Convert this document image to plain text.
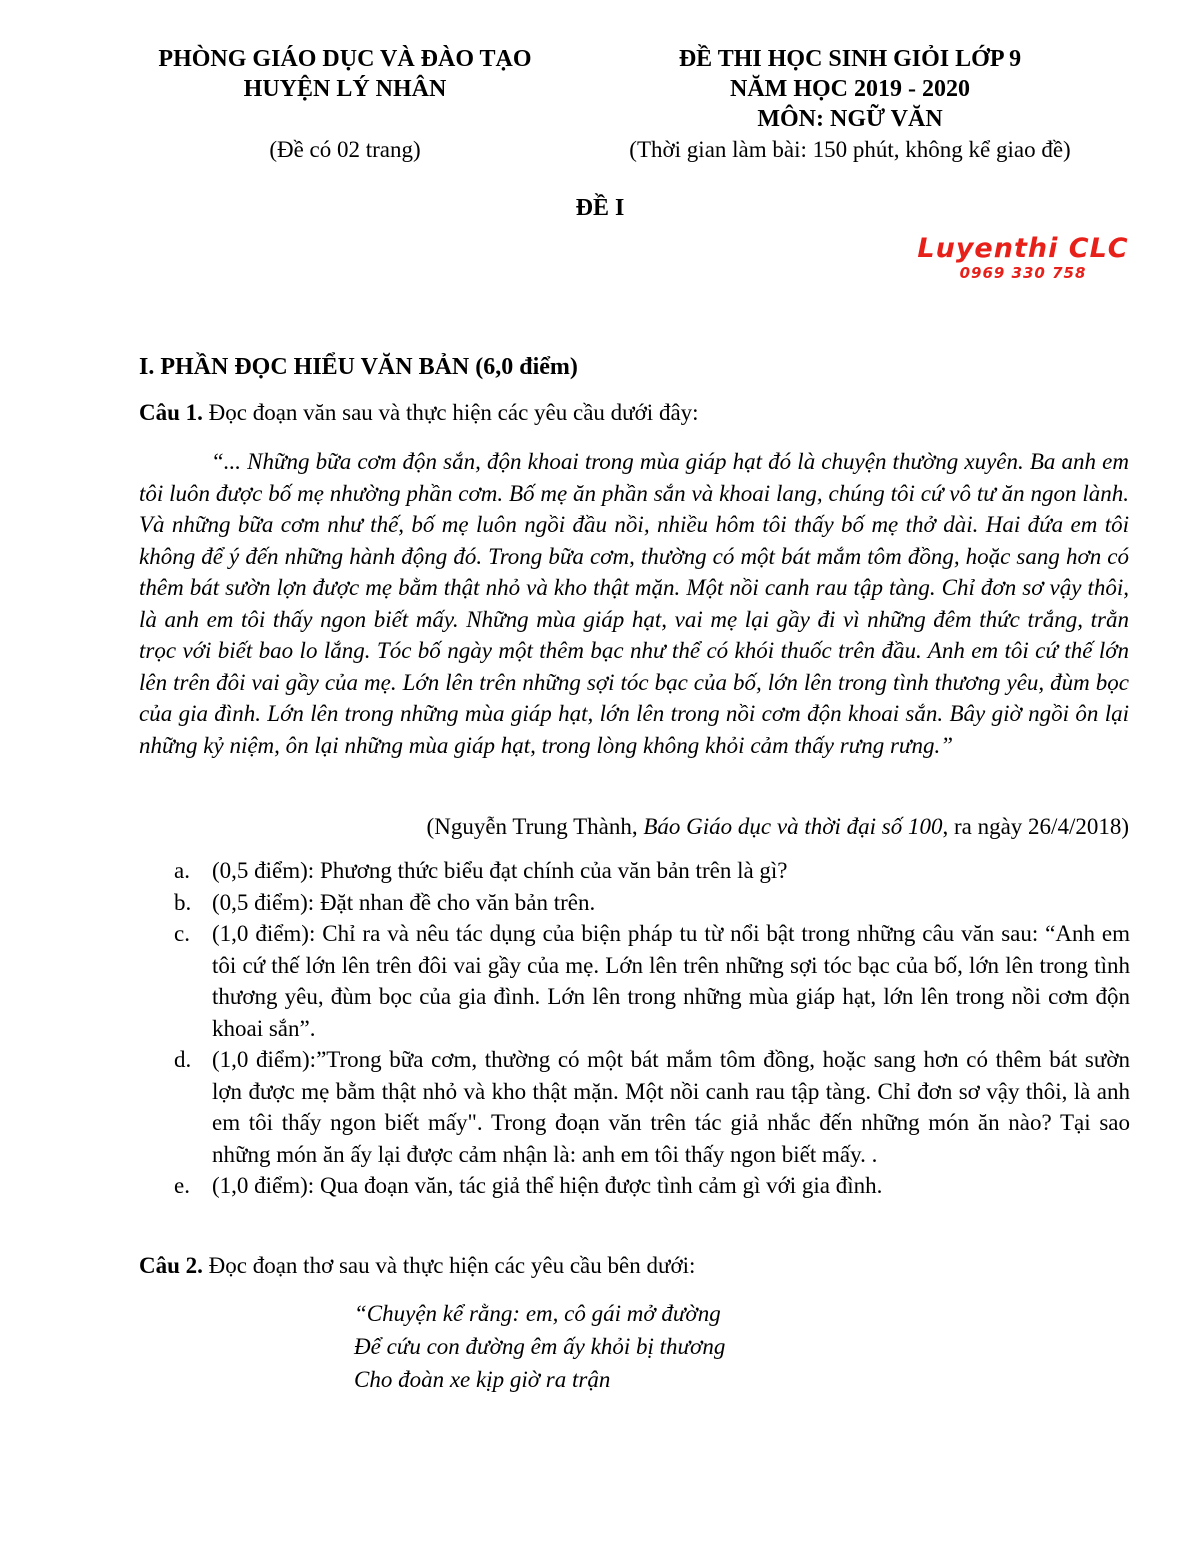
PHÒNG GIÁO DỤC VÀ ĐÀO TẠO
HUYỆN LÝ NHÂN
(Đề có 02 trang)
ĐỀ THI HỌC SINH GIỎI LỚP 9
NĂM HỌC 2019 - 2020
MÔN: NGỮ VĂN
(Thời gian làm bài: 150 phút, không kể giao đề)
ĐỀ I
Luyenthi CLC
0969 330 758
I. PHẦN ĐỌC HIỂU VĂN BẢN (6,0 điểm)
Câu 1. Đọc đoạn văn sau và thực hiện các yêu cầu dưới đây:
“... Những bữa cơm độn sắn, độn khoai trong mùa giáp hạt đó là chuyện thường xuyên. Ba anh em tôi luôn được bố mẹ nhường phần cơm. Bố mẹ ăn phần sắn và khoai lang, chúng tôi cứ vô tư ăn ngon lành. Và những bữa cơm như thế, bố mẹ luôn ngồi đầu nồi, nhiều hôm tôi thấy bố mẹ thở dài. Hai đứa em tôi không để ý đến những hành động đó. Trong bữa cơm, thường có một bát mắm tôm đồng, hoặc sang hơn có thêm bát sườn lợn được mẹ bằm thật nhỏ và kho thật mặn. Một nồi canh rau tập tàng. Chỉ đơn sơ vậy thôi, là anh em tôi thấy ngon biết mấy. Những mùa giáp hạt, vai mẹ lại gầy đi vì những đêm thức trắng, trằn trọc với biết bao lo lắng. Tóc bố ngày một thêm bạc như thể có khói thuốc trên đầu. Anh em tôi cứ thế lớn lên trên đôi vai gầy của mẹ. Lớn lên trên những sợi tóc bạc của bố, lớn lên trong tình thương yêu, đùm bọc của gia đình. Lớn lên trong những mùa giáp hạt, lớn lên trong nồi cơm độn khoai sắn. Bây giờ ngồi ôn lại những kỷ niệm, ôn lại những mùa giáp hạt, trong lòng không khỏi cảm thấy rưng rưng.”
(Nguyễn Trung Thành, Báo Giáo dục và thời đại số 100, ra ngày 26/4/2018)
a. (0,5 điểm): Phương thức biểu đạt chính của văn bản trên là gì?
b. (0,5 điểm): Đặt nhan đề cho văn bản trên.
c. (1,0 điểm): Chỉ ra và nêu tác dụng của biện pháp tu từ nổi bật trong những câu văn sau: “Anh em tôi cứ thế lớn lên trên đôi vai gầy của mẹ. Lớn lên trên những sợi tóc bạc của bố, lớn lên trong tình thương yêu, đùm bọc của gia đình. Lớn lên trong những mùa giáp hạt, lớn lên trong nồi cơm độn khoai sắn”.
d. (1,0 điểm):”Trong bữa cơm, thường có một bát mắm tôm đồng, hoặc sang hơn có thêm bát sườn lợn được mẹ bằm thật nhỏ và kho thật mặn. Một nồi canh rau tập tàng. Chỉ đơn sơ vậy thôi, là anh em tôi thấy ngon biết mấy". Trong đoạn văn trên tác giả nhắc đến những món ăn nào? Tại sao những món ăn ấy lại được cảm nhận là: anh em tôi thấy ngon biết mấy. .
e. (1,0 điểm): Qua đoạn văn, tác giả thể hiện được tình cảm gì với gia đình.
Câu 2. Đọc đoạn thơ sau và thực hiện các yêu cầu bên dưới:
“Chuyện kể rằng: em, cô gái mở đường
Để cứu con đường êm ấy khỏi bị thương
Cho đoàn xe kịp giờ ra trận
